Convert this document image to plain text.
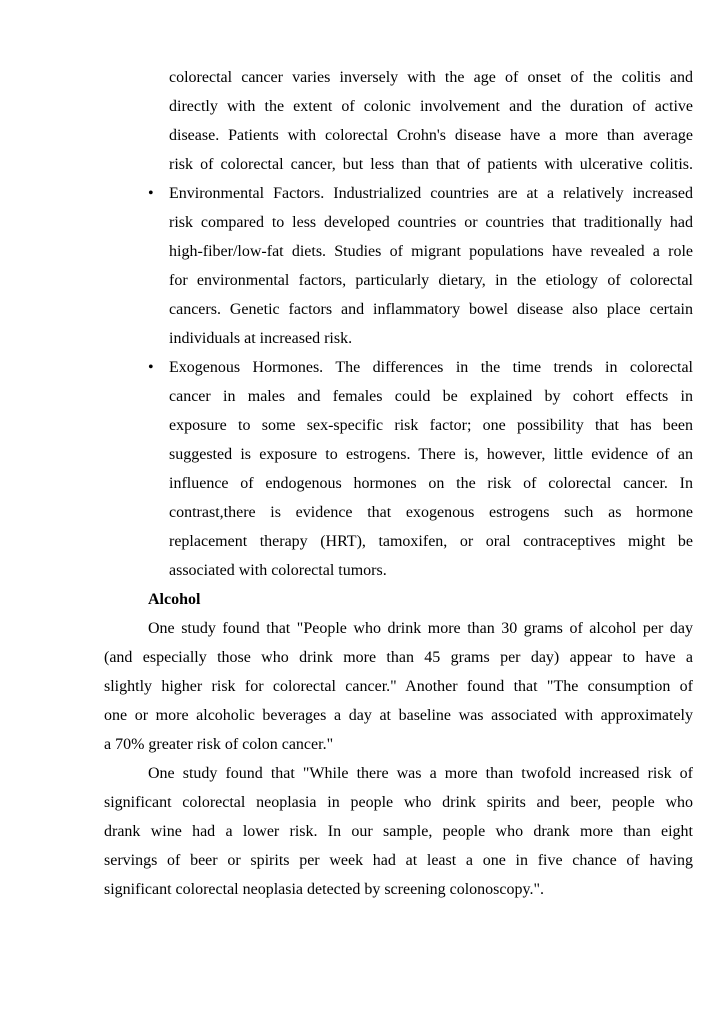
colorectal cancer varies inversely with the age of onset of the colitis and
directly with the extent of colonic involvement and the duration of active
disease. Patients with colorectal Crohn's disease have a more than average
risk of colorectal cancer, but less than that of patients with ulcerative colitis.
• Environmental Factors. Industrialized countries are at a relatively increased
risk compared to less developed countries or countries that traditionally had
high-fiber/low-fat diets. Studies of migrant populations have revealed a role
for environmental factors, particularly dietary, in the etiology of colorectal
cancers. Genetic factors and inflammatory bowel disease also place certain
individuals at increased risk.
• Exogenous Hormones. The differences in the time trends in colorectal
cancer in males and females could be explained by cohort effects in
exposure to some sex-specific risk factor; one possibility that has been
suggested is exposure to estrogens. There is, however, little evidence of an
influence of endogenous hormones on the risk of colorectal cancer. In
contrast,there is evidence that exogenous estrogens such as hormone
replacement therapy (HRT), tamoxifen, or oral contraceptives might be
associated with colorectal tumors.
Alcohol
One study found that "People who drink more than 30 grams of alcohol per day
(and especially those who drink more than 45 grams per day) appear to have a
slightly higher risk for colorectal cancer." Another found that "The consumption of
one or more alcoholic beverages a day at baseline was associated with approximately
a 70% greater risk of colon cancer."
One study found that "While there was a more than twofold increased risk of
significant colorectal neoplasia in people who drink spirits and beer, people who
drank wine had a lower risk. In our sample, people who drank more than eight
servings of beer or spirits per week had at least a one in five chance of having
significant colorectal neoplasia detected by screening colonoscopy.".
